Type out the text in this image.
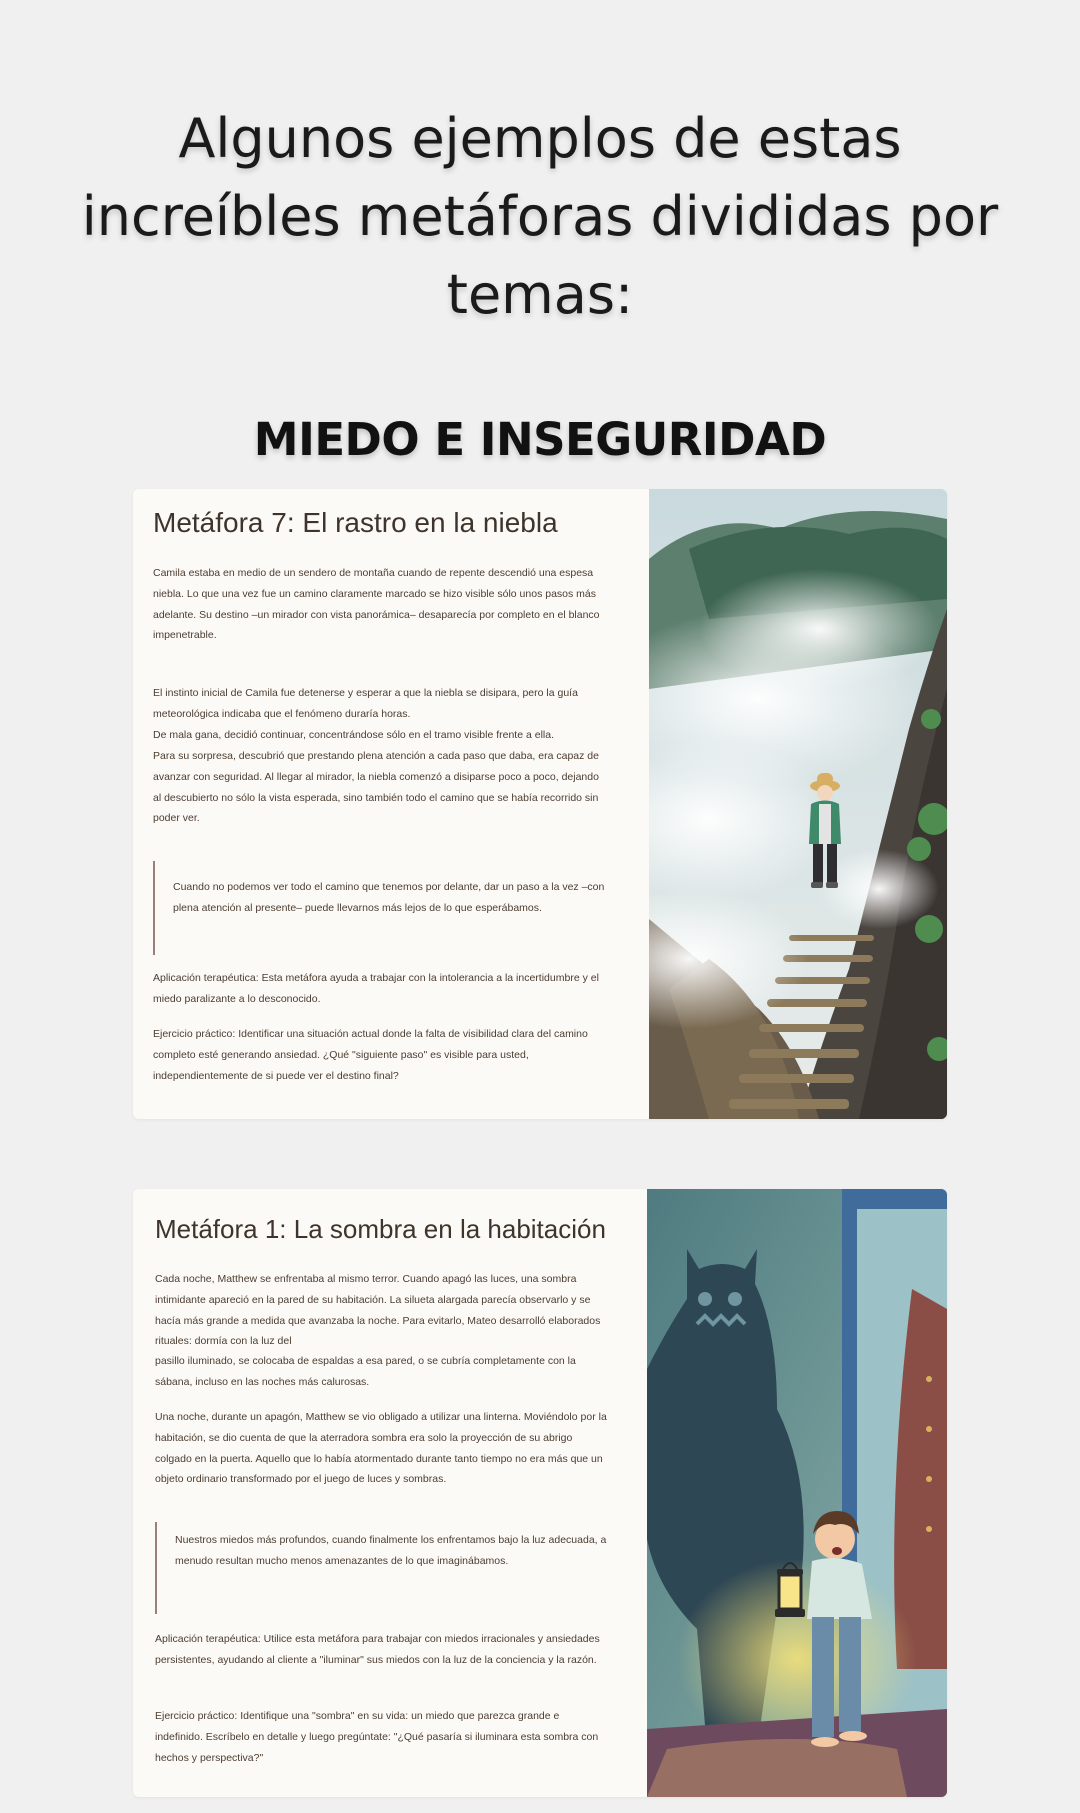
Algunos ejemplos de estas increíbles metáforas divididas por temas:
MIEDO E INSEGURIDAD
Metáfora 7: El rastro en la niebla

Camila estaba en medio de un sendero de montaña cuando de repente descendió una espesa niebla. Lo que una vez fue un camino claramente marcado se hizo visible sólo unos pasos más adelante. Su destino –un mirador con vista panorámica– desaparecía por completo en el blanco impenetrable.

El instinto inicial de Camila fue detenerse y esperar a que la niebla se disipara, pero la guía meteorológica indicaba que el fenómeno duraría horas.

De mala gana, decidió continuar, concentrándose sólo en el tramo visible frente a ella.

Para su sorpresa, descubrió que prestando plena atención a cada paso que daba, era capaz de avanzar con seguridad. Al llegar al mirador, la niebla comenzó a disiparse poco a poco, dejando al descubierto no sólo la vista esperada, sino también todo el camino que se había recorrido sin poder ver.

Cuando no podemos ver todo el camino que tenemos por delante, dar un paso a la vez –con plena atención al presente– puede llevarnos más lejos de lo que esperábamos.

Aplicación terapéutica: Esta metáfora ayuda a trabajar con la intolerancia a la incertidumbre y el miedo paralizante a lo desconocido.

Ejercicio práctico: Identificar una situación actual donde la falta de visibilidad clara del camino completo esté generando ansiedad. ¿Qué "siguiente paso" es visible para usted, independientemente de si puede ver el destino final?

Metáfora 1: La sombra en la habitación

Cada noche, Matthew se enfrentaba al mismo terror. Cuando apagó las luces, una sombra intimidante apareció en la pared de su habitación. La silueta alargada parecía observarlo y se hacía más grande a medida que avanzaba la noche. Para evitarlo, Mateo desarrolló elaborados rituales: dormía con la luz del

pasillo iluminado, se colocaba de espaldas a esa pared, o se cubría completamente con la sábana, incluso en las noches más calurosas.

Una noche, durante un apagón, Matthew se vio obligado a utilizar una linterna. Moviéndolo por la habitación, se dio cuenta de que la aterradora sombra era solo la proyección de su abrigo colgado en la puerta. Aquello que lo había atormentado durante tanto tiempo no era más que un objeto ordinario transformado por el juego de luces y sombras.

Nuestros miedos más profundos, cuando finalmente los enfrentamos bajo la luz adecuada, a menudo resultan mucho menos amenazantes de lo que imaginábamos.

Aplicación terapéutica: Utilice esta metáfora para trabajar con miedos irracionales y ansiedades persistentes, ayudando al cliente a "iluminar" sus miedos con la luz de la conciencia y la razón.

Ejercicio práctico: Identifique una "sombra" en su vida: un miedo que parezca grande e indefinido. Escríbelo en detalle y luego pregúntate: "¿Qué pasaría si iluminara esta sombra con hechos y perspectiva?"
